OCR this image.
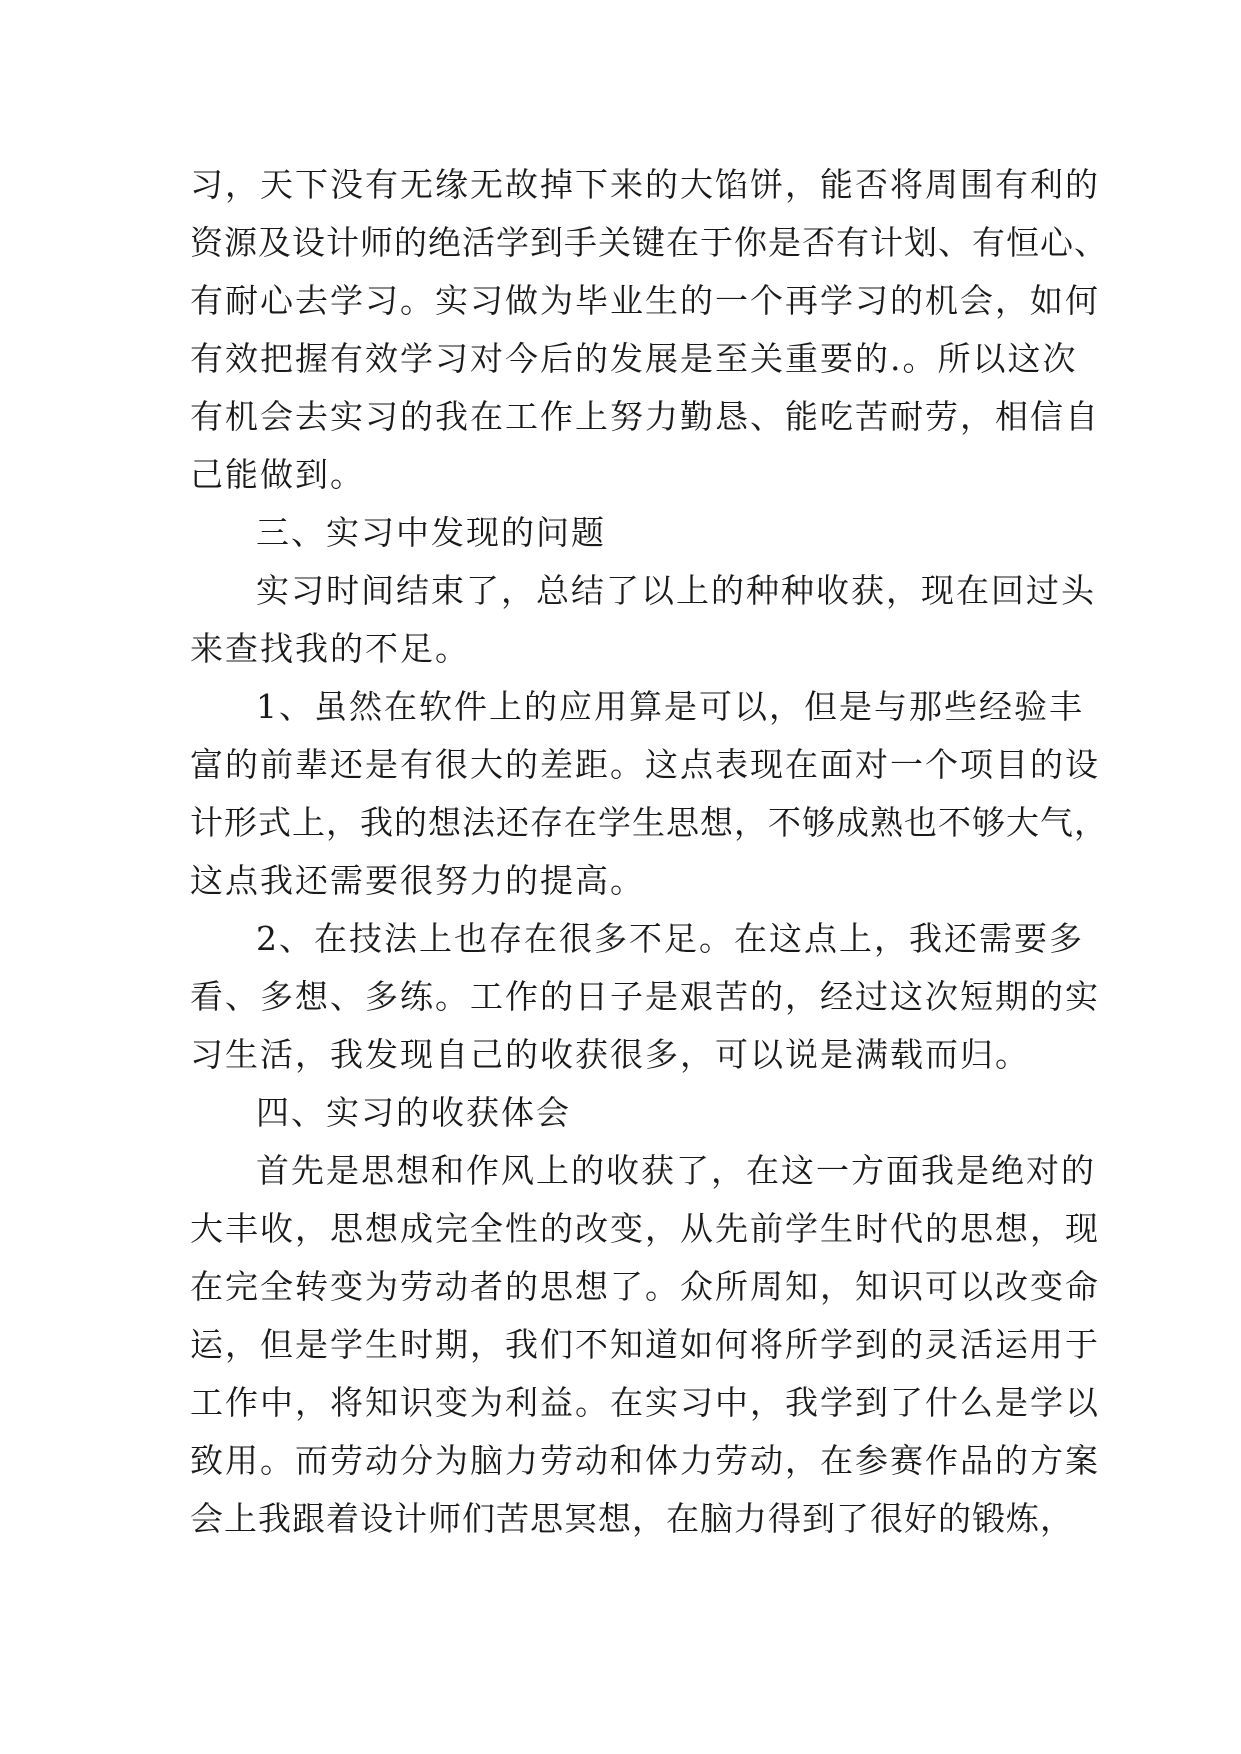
习，天下没有无缘无故掉下来的大馅饼，能否将周围有利的
资源及设计师的绝活学到手关键在于你是否有计划、有恒心、
有耐心去学习。实习做为毕业生的一个再学习的机会，如何
有效把握有效学习对今后的发展是至关重要的.。所以这次
有机会去实习的我在工作上努力勤恳、能吃苦耐劳，相信自
己能做到。
三、实习中发现的问题
实习时间结束了，总结了以上的种种收获，现在回过头
来查找我的不足。
1、虽然在软件上的应用算是可以，但是与那些经验丰
富的前辈还是有很大的差距。这点表现在面对一个项目的设
计形式上，我的想法还存在学生思想，不够成熟也不够大气，
这点我还需要很努力的提高。
2、在技法上也存在很多不足。在这点上，我还需要多
看、多想、多练。工作的日子是艰苦的，经过这次短期的实
习生活，我发现自己的收获很多，可以说是满载而归。
四、实习的收获体会
首先是思想和作风上的收获了，在这一方面我是绝对的
大丰收，思想成完全性的改变，从先前学生时代的思想，现
在完全转变为劳动者的思想了。众所周知，知识可以改变命
运，但是学生时期，我们不知道如何将所学到的灵活运用于
工作中，将知识变为利益。在实习中，我学到了什么是学以
致用。而劳动分为脑力劳动和体力劳动，在参赛作品的方案
会上我跟着设计师们苦思冥想，在脑力得到了很好的锻炼，
